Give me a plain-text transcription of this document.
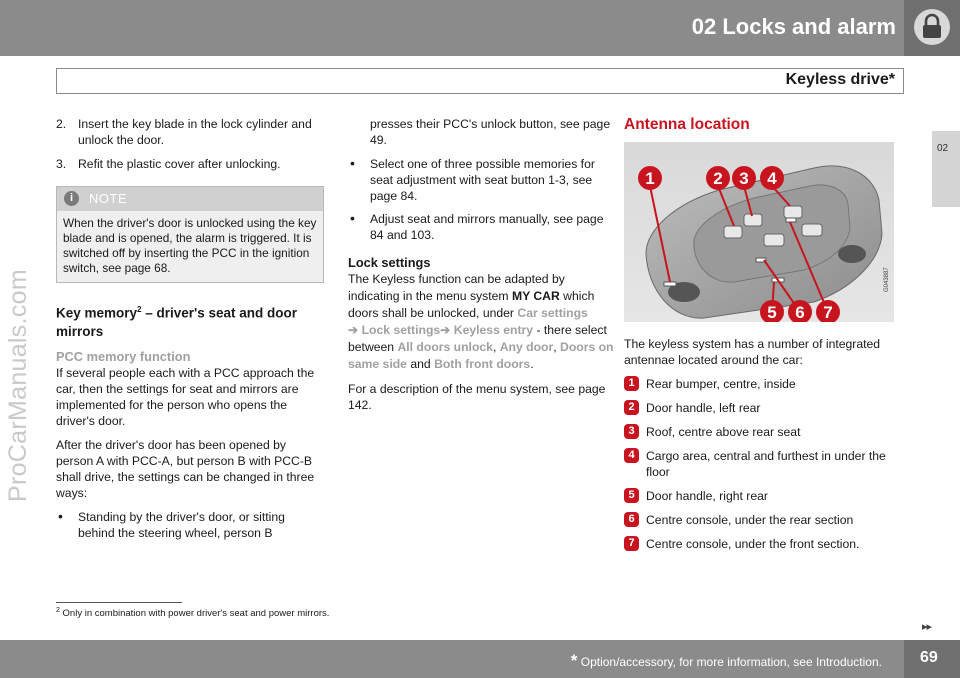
02 Locks and alarm
Keyless drive*
02
ProCarManuals.com
2. Insert the key blade in the lock cylinder and unlock the door.
3. Refit the plastic cover after unlocking.
i	NOTE
When the driver's door is unlocked using the key blade and is opened, the alarm is triggered. It is switched off by inserting the PCC in the ignition switch, see page 68.
Key memory$^2$ – driver's seat and door mirrors
PCC memory function

If several people each with a PCC approach the car, then the settings for seat and mirrors are implemented for the person who opens the driver's door.

After the driver's door has been opened by person A with PCC-A, but person B with PCC-B shall drive, the settings can be changed in three ways:

• Standing by the driver's door, or sitting behind the steering wheel, person B
presses their PCC's unlock button, see page 49.
• Select one of three possible memories for seat adjustment with seat button 1-3, see page 84.
• Adjust seat and mirrors manually, see page 84 and 103.
Lock settings

The Keyless function can be adapted by indicating in the menu system MY CAR which doors shall be unlocked, under Car settings
➔ Lock settings➔ Keyless entry - there select between All doors unlock, Any door, Doors on same side and Both front doors.

For a description of the menu system, see page 142.

Antenna location
1	2 3 4
5 6 7
G043887

The keyless system has a number of integrated antennae located around the car:

1 Rear bumper, centre, inside
2 Door handle, left rear
3 Roof, centre above rear seat
4 Cargo area, central and furthest in under the floor
5 Door handle, right rear
6 Centre console, under the rear section
7 Centre console, under the front section.
$^2$ Only in combination with power driver's seat and power mirrors.
▸▸
* Option/accessory, for more information, see Introduction. 69
